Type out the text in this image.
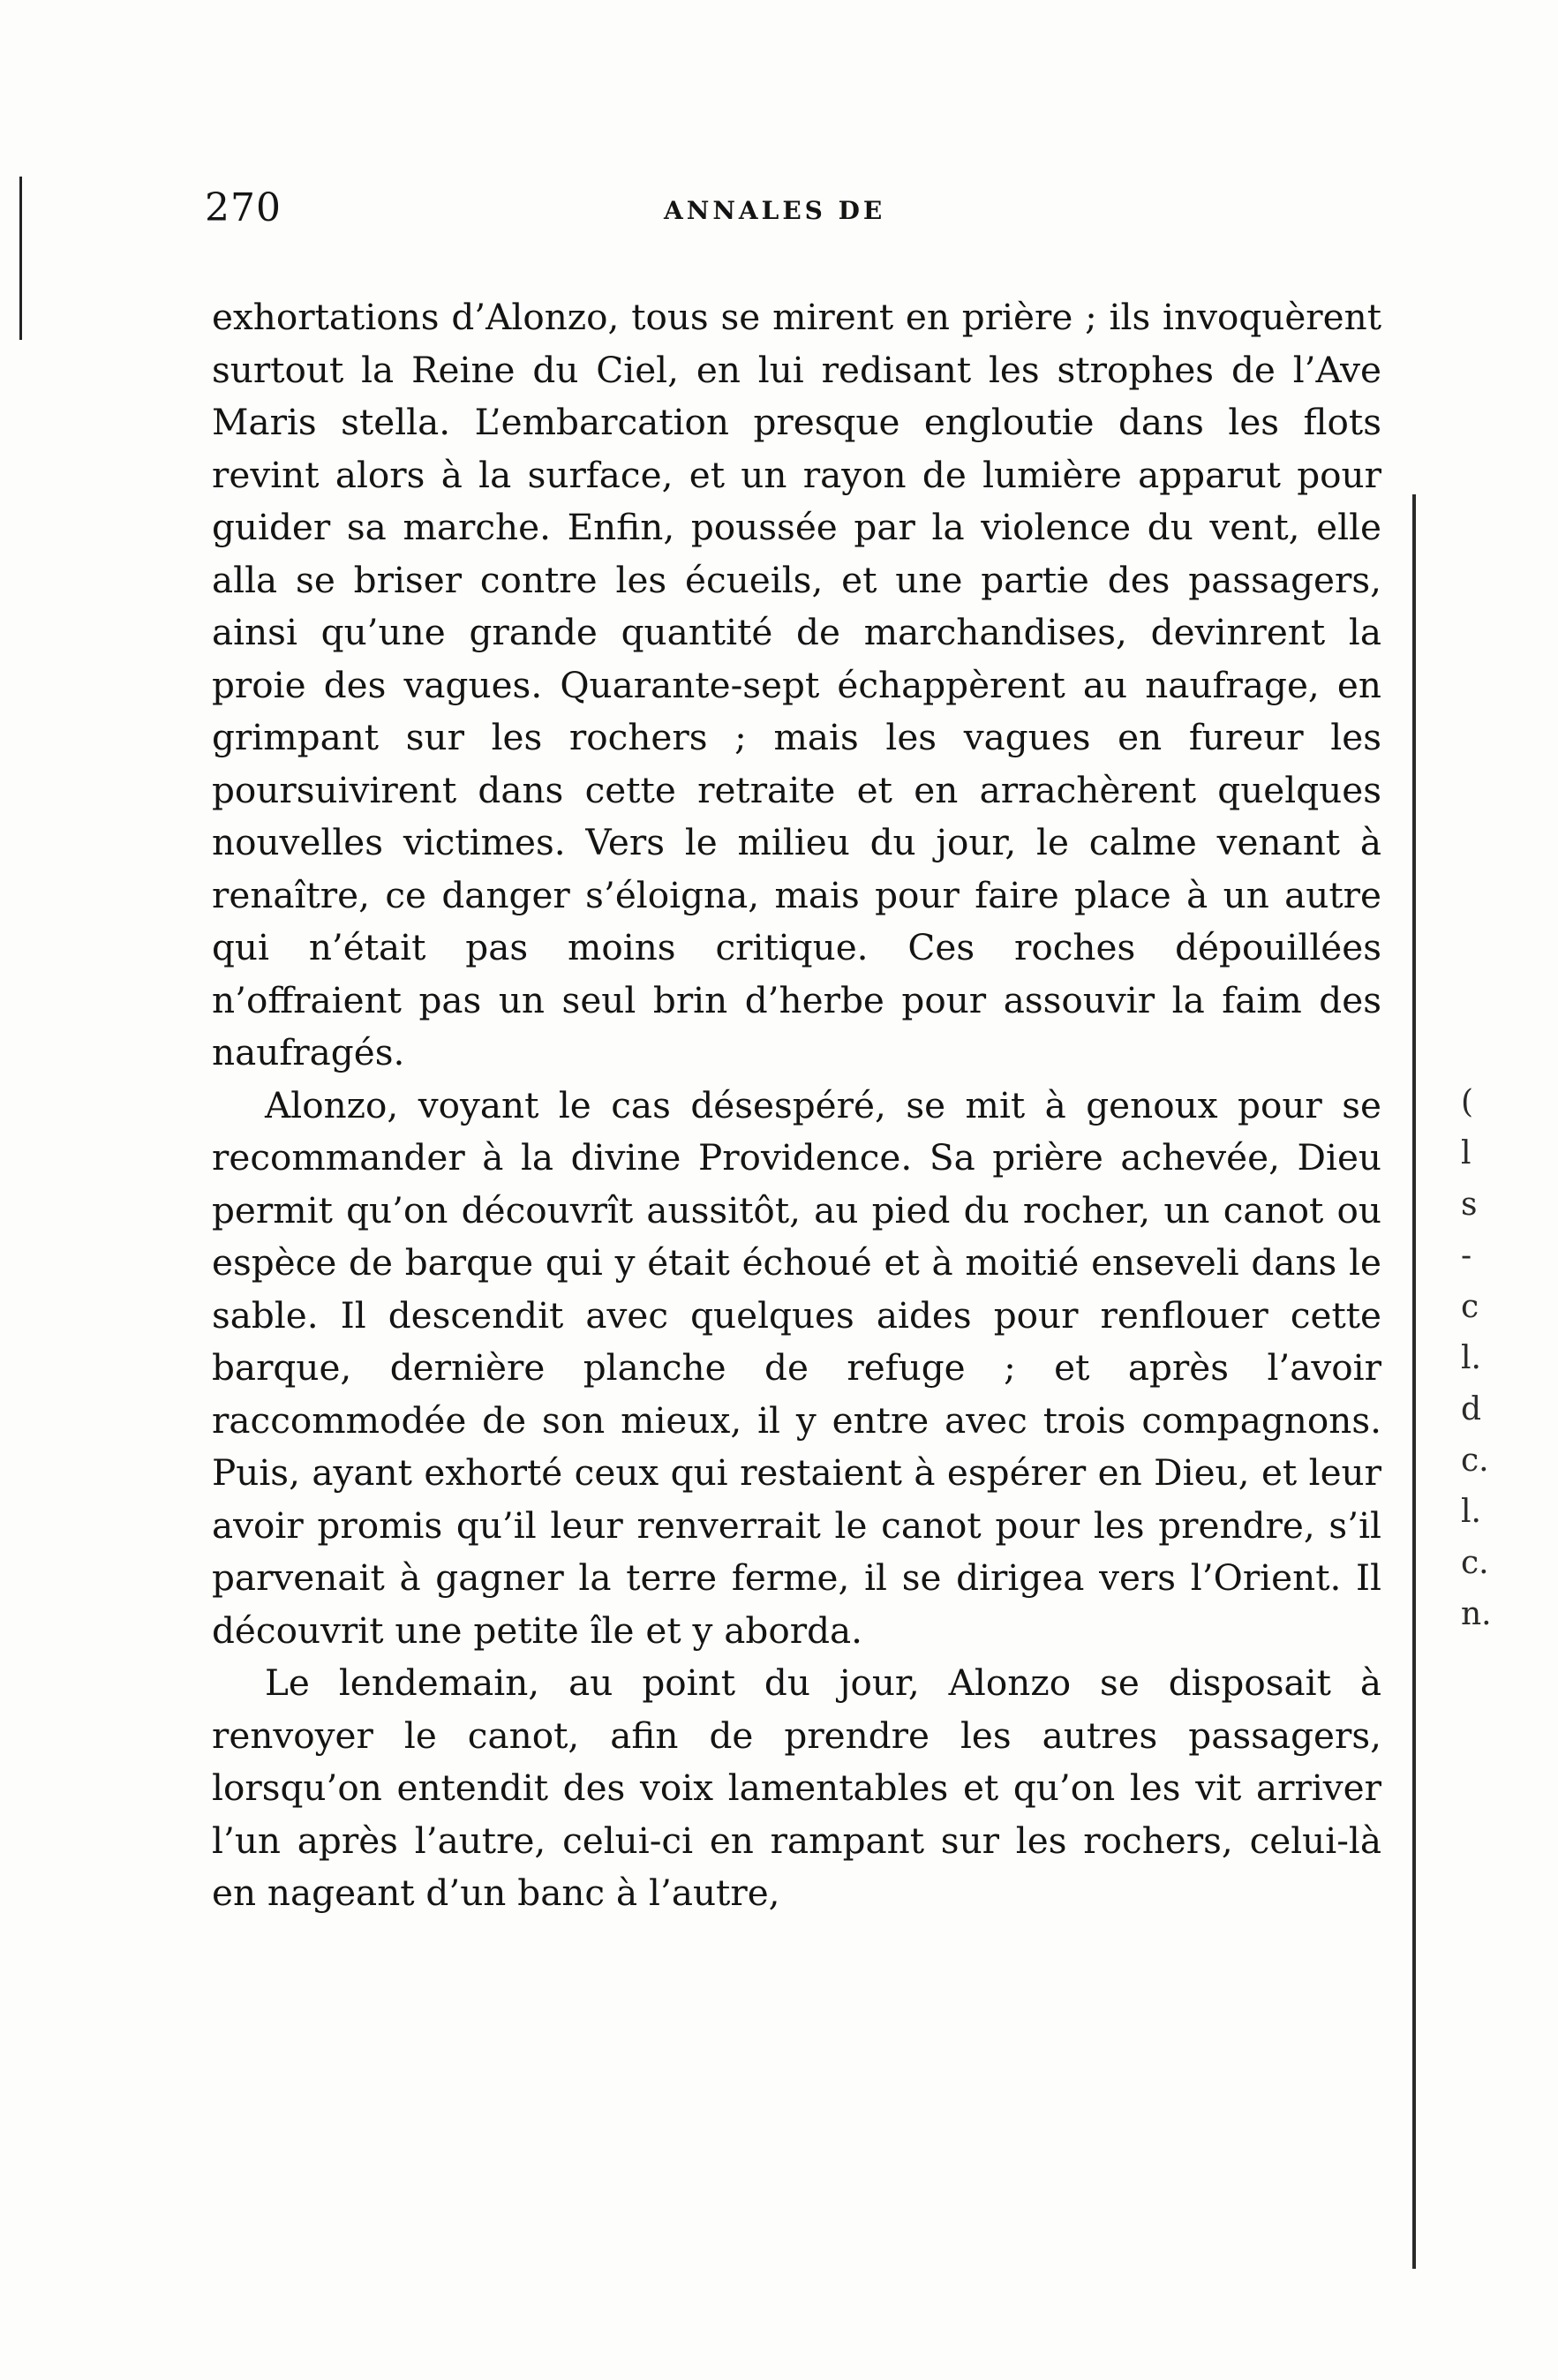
270	ANNALES DE

exhortations d’Alonzo, tous se mirent en prière ; ils invoquèrent surtout la Reine du Ciel, en lui redisant les strophes de l’Ave Maris stella. L’embarcation presque engloutie dans les flots revint alors à la surface, et un rayon de lumière apparut pour guider sa marche. Enfin, poussée par la violence du vent, elle alla se briser contre les écueils, et une partie des passagers, ainsi qu’une grande quantité de marchandises, devinrent la proie des vagues. Quarante-sept échappèrent au naufrage, en grimpant sur les rochers ; mais les vagues en fureur les poursuivirent dans cette retraite et en arrachèrent quelques nouvelles victimes. Vers le milieu du jour, le calme venant à renaître, ce danger s’éloigna, mais pour faire place à un autre qui n’était pas moins critique. Ces roches dépouillées n’offraient pas un seul brin d’herbe pour assouvir la faim des naufragés.

Alonzo, voyant le cas désespéré, se mit à genoux pour se recommander à la divine Providence. Sa prière achevée, Dieu permit qu’on découvrît aussitôt, au pied du rocher, un canot ou espèce de barque qui y était échoué et à moitié enseveli dans le sable. Il descendit avec quelques aides pour renflouer cette barque, dernière planche de refuge ; et après l’avoir raccommodée de son mieux, il y entre avec trois compagnons. Puis, ayant exhorté ceux qui restaient à espérer en Dieu, et leur avoir promis qu’il leur renverrait le canot pour les prendre, s’il parvenait à gagner la terre ferme, il se dirigea vers l’Orient. Il découvrit une petite île et y aborda.

Le lendemain, au point du jour, Alonzo se disposait à renvoyer le canot, afin de prendre les autres passagers, lorsqu’on entendit des voix lamentables et qu’on les vit arriver l’un après l’autre, celui-ci en rampant sur les rochers, celui-là en nageant d’un banc à l’autre,

(
l
s
-
c
l.
d
c.
l.
c.
n.
